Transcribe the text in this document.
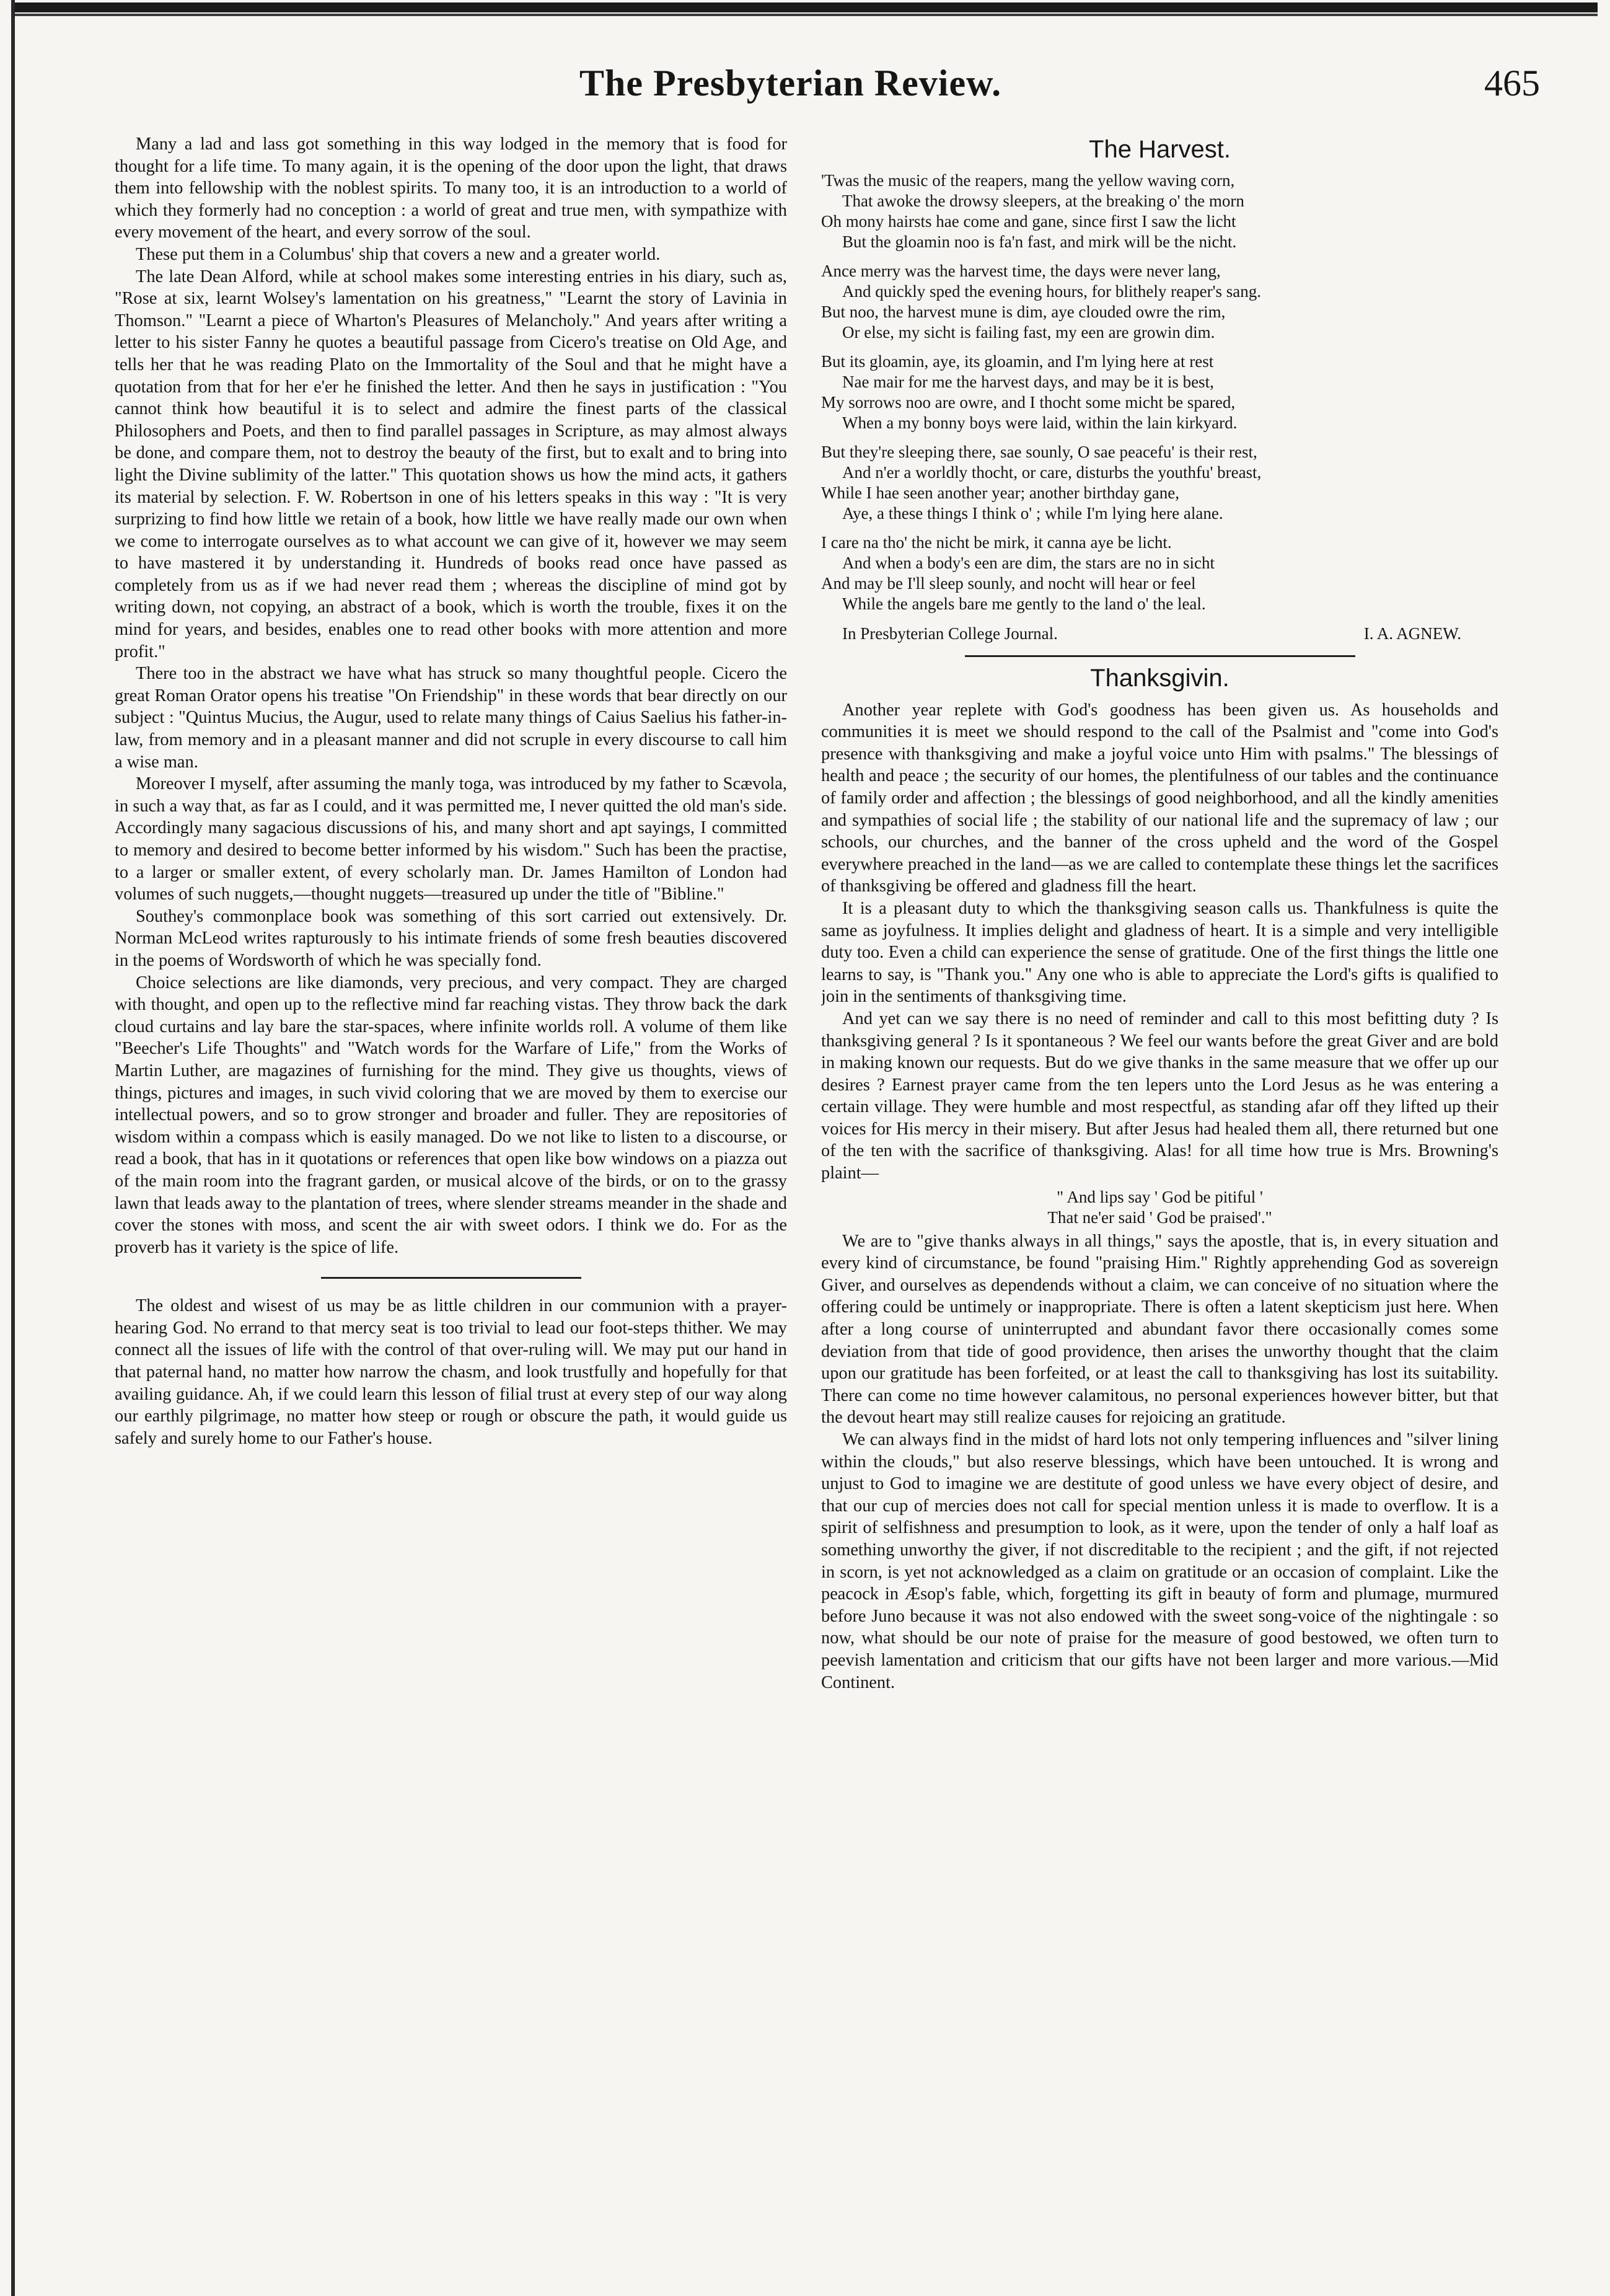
The Presbyterian Review.	465

Many a lad and lass got something in this way lodged in the memory that is food for thought for a life time. To many again, it is the opening of the door upon the light, that draws them into fellowship with the noblest spirits. To many too, it is an introduction to a world of which they formerly had no conception : a world of great and true men, with sympathize with every movement of the heart, and every sorrow of the soul.

These put them in a Columbus' ship that covers a new and a greater world.

The late Dean Alford, while at school makes some interesting entries in his diary, such as, "Rose at six, learnt Wolsey's lamentation on his greatness," "Learnt the story of Lavinia in Thomson." "Learnt a piece of Wharton's Pleasures of Melancholy." And years after writing a letter to his sister Fanny he quotes a beautiful passage from Cicero's treatise on Old Age, and tells her that he was reading Plato on the Immortality of the Soul and that he might have a quotation from that for her e'er he finished the letter. And then he says in justification : "You cannot think how beautiful it is to select and admire the finest parts of the classical Philosophers and Poets, and then to find parallel passages in Scripture, as may almost always be done, and compare them, not to destroy the beauty of the first, but to exalt and to bring into light the Divine sublimity of the latter." This quotation shows us how the mind acts, it gathers its material by selection. F. W. Robertson in one of his letters speaks in this way : "It is very surprizing to find how little we retain of a book, how little we have really made our own when we come to interrogate ourselves as to what account we can give of it, however we may seem to have mastered it by understanding it. Hundreds of books read once have passed as completely from us as if we had never read them ; whereas the discipline of mind got by writing down, not copying, an abstract of a book, which is worth the trouble, fixes it on the mind for years, and besides, enables one to read other books with more attention and more profit."

There too in the abstract we have what has struck so many thoughtful people. Cicero the great Roman Orator opens his treatise "On Friendship" in these words that bear directly on our subject : "Quintus Mucius, the Augur, used to relate many things of Caius Saelius his father-in-law, from memory and in a pleasant manner and did not scruple in every discourse to call him a wise man.

Moreover I myself, after assuming the manly toga, was introduced by my father to Scævola, in such a way that, as far as I could, and it was permitted me, I never quitted the old man's side. Accordingly many sagacious discussions of his, and many short and apt sayings, I committed to memory and desired to become better informed by his wisdom." Such has been the practise, to a larger or smaller extent, of every scholarly man. Dr. James Hamilton of London had volumes of such nuggets,—thought nuggets—treasured up under the title of "Bibline."

Southey's commonplace book was something of this sort carried out extensively. Dr. Norman McLeod writes rapturously to his intimate friends of some fresh beauties discovered in the poems of Wordsworth of which he was specially fond.

Choice selections are like diamonds, very precious, and very compact. They are charged with thought, and open up to the reflective mind far reaching vistas. They throw back the dark cloud curtains and lay bare the star-spaces, where infinite worlds roll. A volume of them like "Beecher's Life Thoughts" and "Watch words for the Warfare of Life," from the Works of Martin Luther, are magazines of furnishing for the mind. They give us thoughts, views of things, pictures and images, in such vivid coloring that we are moved by them to exercise our intellectual powers, and so to grow stronger and broader and fuller. They are repositories of wisdom within a compass which is easily managed. Do we not like to listen to a discourse, or read a book, that has in it quotations or references that open like bow windows on a piazza out of the main room into the fragrant garden, or musical alcove of the birds, or on to the grassy lawn that leads away to the plantation of trees, where slender streams meander in the shade and cover the stones with moss, and scent the air with sweet odors. I think we do. For as the proverb has it variety is the spice of life.

The oldest and wisest of us may be as little children in our communion with a prayer-hearing God. No errand to that mercy seat is too trivial to lead our foot-steps thither. We may connect all the issues of life with the control of that over-ruling will. We may put our hand in that paternal hand, no matter how narrow the chasm, and look trustfully and hopefully for that availing guidance. Ah, if we could learn this lesson of filial trust at every step of our way along our earthly pilgrimage, no matter how steep or rough or obscure the path, it would guide us safely and surely home to our Father's house.

The Harvest.
'Twas the music of the reapers, mang the yellow waving corn,
That awoke the drowsy sleepers, at the breaking o' the morn
Oh mony hairsts hae come and gane, since first I saw the licht
But the gloamin noo is fa'n fast, and mirk will be the nicht.
Ance merry was the harvest time, the days were never lang,
And quickly sped the evening hours, for blithely reaper's sang.
But noo, the harvest mune is dim, aye clouded owre the rim,
Or else, my sicht is failing fast, my een are growin dim.
But its gloamin, aye, its gloamin, and I'm lying here at rest
Nae mair for me the harvest days, and may be it is best,
My sorrows noo are owre, and I thocht some micht be spared,
When a my bonny boys were laid, within the lain kirkyard.
But they're sleeping there, sae sounly, O sae peacefu' is their rest,
And n'er a worldly thocht, or care, disturbs the youthfu' breast,
While I hae seen another year; another birthday gane,
Aye, a these things I think o' ; while I'm lying here alane.
I care na tho' the nicht be mirk, it canna aye be licht.
And when a body's een are dim, the stars are no in sicht
And may be I'll sleep sounly, and nocht will hear or feel
While the angels bare me gently to the land o' the leal.
In Presbyterian College Journal.	I. A. AGNEW.
Thanksgivin.

Another year replete with God's goodness has been given us. As households and communities it is meet we should respond to the call of the Psalmist and "come into God's presence with thanksgiving and make a joyful voice unto Him with psalms." The blessings of health and peace ; the security of our homes, the plentifulness of our tables and the continuance of family order and affection ; the blessings of good neighborhood, and all the kindly amenities and sympathies of social life ; the stability of our national life and the supremacy of law ; our schools, our churches, and the banner of the cross upheld and the word of the Gospel everywhere preached in the land—as we are called to contemplate these things let the sacrifices of thanksgiving be offered and gladness fill the heart.

It is a pleasant duty to which the thanksgiving season calls us. Thankfulness is quite the same as joyfulness. It implies delight and gladness of heart. It is a simple and very intelligible duty too. Even a child can experience the sense of gratitude. One of the first things the little one learns to say, is "Thank you." Any one who is able to appreciate the Lord's gifts is qualified to join in the sentiments of thanksgiving time.

And yet can we say there is no need of reminder and call to this most befitting duty ? Is thanksgiving general ? Is it spontaneous ? We feel our wants before the great Giver and are bold in making known our requests. But do we give thanks in the same measure that we offer up our desires ? Earnest prayer came from the ten lepers unto the Lord Jesus as he was entering a certain village. They were humble and most respectful, as standing afar off they lifted up their voices for His mercy in their misery. But after Jesus had healed them all, there returned but one of the ten with the sacrifice of thanksgiving. Alas! for all time how true is Mrs. Browning's plaint—

" And lips say ' God be pitiful '
That ne'er said ' God be praised'."

We are to "give thanks always in all things," says the apostle, that is, in every situation and every kind of circumstance, be found "praising Him." Rightly apprehending God as sovereign Giver, and ourselves as dependends without a claim, we can conceive of no situation where the offering could be untimely or inappropriate. There is often a latent skepticism just here. When after a long course of uninterrupted and abundant favor there occasionally comes some deviation from that tide of good providence, then arises the unworthy thought that the claim upon our gratitude has been forfeited, or at least the call to thanksgiving has lost its suitability. There can come no time however calamitous, no personal experiences however bitter, but that the devout heart may still realize causes for rejoicing an gratitude.

We can always find in the midst of hard lots not only tempering influences and "silver lining within the clouds," but also reserve blessings, which have been untouched. It is wrong and unjust to God to imagine we are destitute of good unless we have every object of desire, and that our cup of mercies does not call for special mention unless it is made to overflow. It is a spirit of selfishness and presumption to look, as it were, upon the tender of only a half loaf as something unworthy the giver, if not discreditable to the recipient ; and the gift, if not rejected in scorn, is yet not acknowledged as a claim on gratitude or an occasion of complaint. Like the peacock in Æsop's fable, which, forgetting its gift in beauty of form and plumage, murmured before Juno because it was not also endowed with the sweet song-voice of the nightingale : so now, what should be our note of praise for the measure of good bestowed, we often turn to peevish lamentation and criticism that our gifts have not been larger and more various.—Mid Continent.
